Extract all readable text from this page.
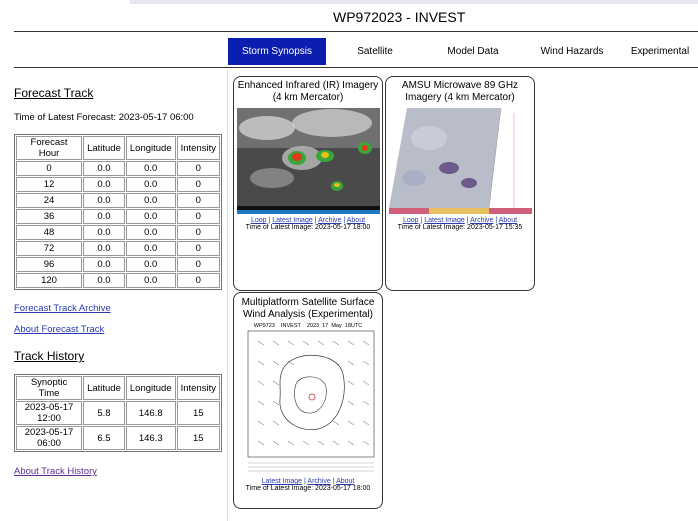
WP972023 - INVEST
Storm Synopsis	Satellite	Model Data	Wind Hazards	Experimental
Forecast Track
Time of Latest Forecast: 2023-05-17 06:00
Forecast Hour	Latitude	Longitude	Intensity
0	0.0	0.0	0
12	0.0	0.0	0
24	0.0	0.0	0
36	0.0	0.0	0
48	0.0	0.0	0
72	0.0	0.0	0
96	0.0	0.0	0
120	0.0	0.0	0
Forecast Track Archive
About Forecast Track
Track History
Synoptic Time	Latitude	Longitude	Intensity
2023-05-17 12:00	5.8	146.8	15
2023-05-17 06:00	6.5	146.3	15
About Track History
Enhanced Infrared (IR) Imagery (4 km Mercator)
Loop | Latest Image | Archive | About
Time of Latest Image: 2023-05-17 18:00
AMSU Microwave 89 GHz Imagery (4 km Mercator)
Loop | Latest Image | Archive | About
Time of Latest Image: 2023-05-17 15:35
Multiplatform Satellite Surface Wind Analysis (Experimental)
WP9723    INVEST    2023  17  May  18UTC
Latest Image | Archive | About
Time of Latest Image: 2023-05-17 18:00
